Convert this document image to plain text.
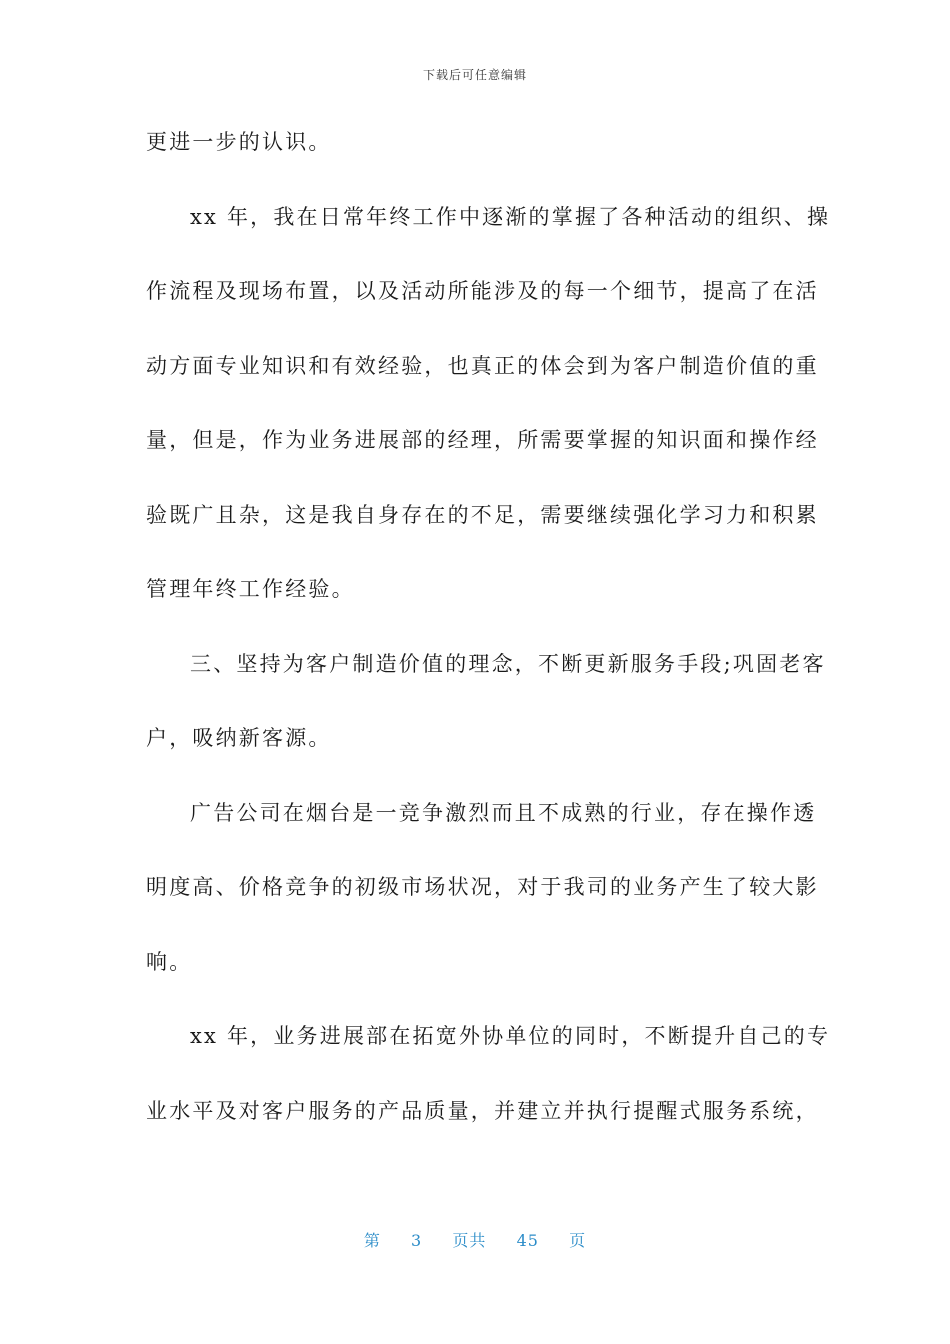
下载后可任意编辑
更进一步的认识。
xx 年，我在日常年终工作中逐渐的掌握了各种活动的组织、操
作流程及现场布置，以及活动所能涉及的每一个细节，提高了在活
动方面专业知识和有效经验，也真正的体会到为客户制造价值的重
量，但是，作为业务进展部的经理，所需要掌握的知识面和操作经
验既广且杂，这是我自身存在的不足，需要继续强化学习力和积累
管理年终工作经验。
三、坚持为客户制造价值的理念，不断更新服务手段;巩固老客
户，吸纳新客源。
广告公司在烟台是一竞争激烈而且不成熟的行业，存在操作透
明度高、价格竞争的初级市场状况，对于我司的业务产生了较大影
响。
xx 年，业务进展部在拓宽外协单位的同时，不断提升自己的专
业水平及对客户服务的产品质量，并建立并执行提醒式服务系统，
第 3 页共 45 页
